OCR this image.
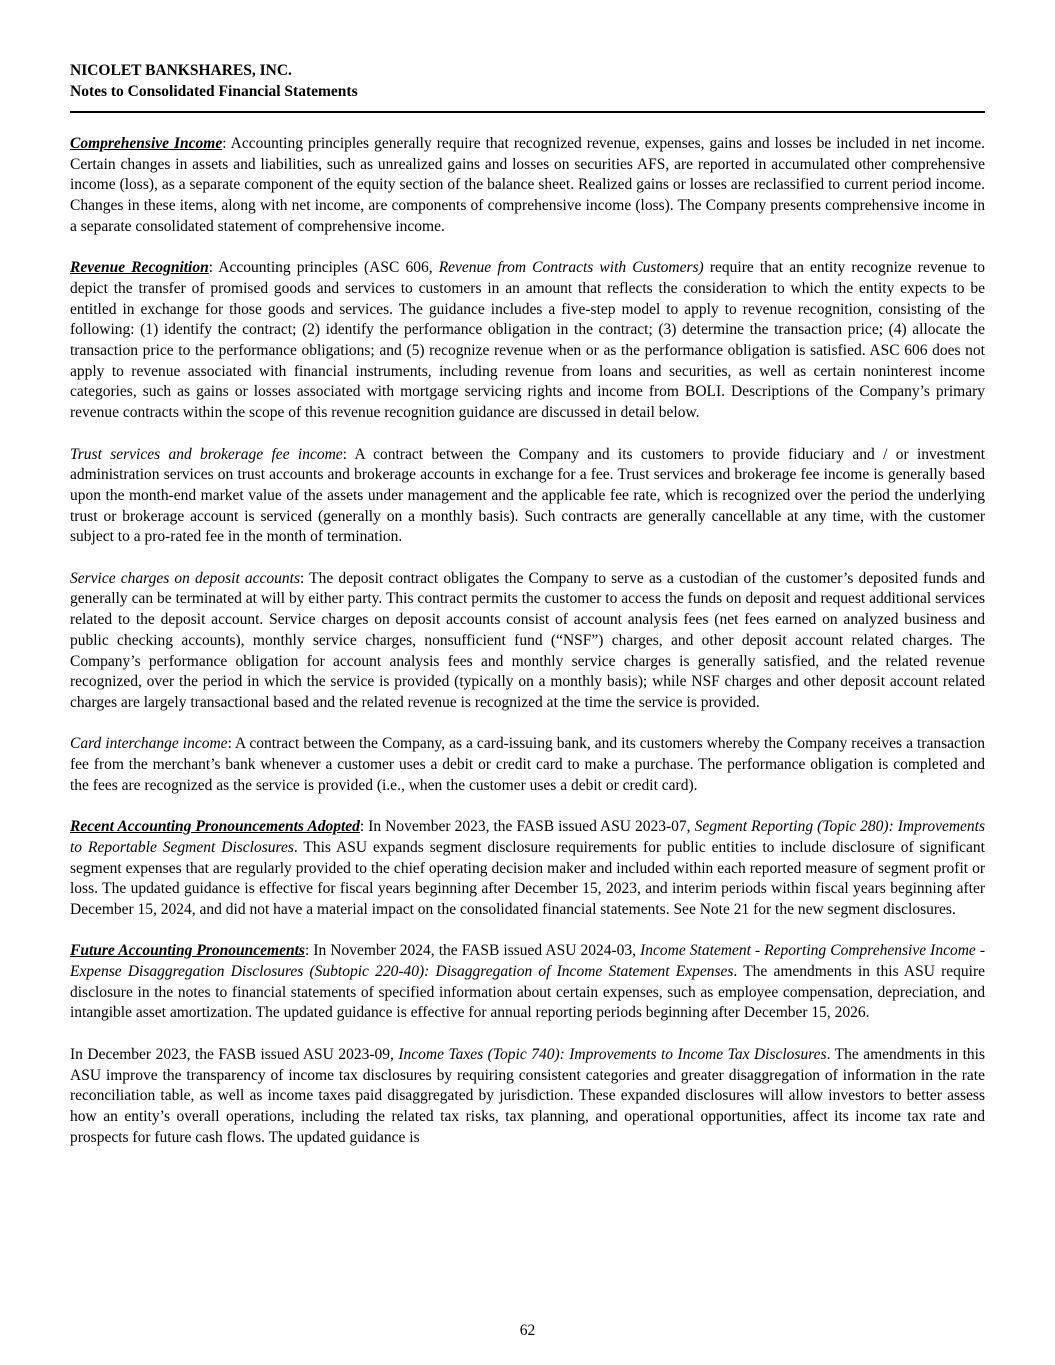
NICOLET BANKSHARES, INC.
Notes to Consolidated Financial Statements

Comprehensive Income: Accounting principles generally require that recognized revenue, expenses, gains and losses be included in net income. Certain changes in assets and liabilities, such as unrealized gains and losses on securities AFS, are reported in accumulated other comprehensive income (loss), as a separate component of the equity section of the balance sheet. Realized gains or losses are reclassified to current period income. Changes in these items, along with net income, are components of comprehensive income (loss). The Company presents comprehensive income in a separate consolidated statement of comprehensive income.

Revenue Recognition: Accounting principles (ASC 606, Revenue from Contracts with Customers) require that an entity recognize revenue to depict the transfer of promised goods and services to customers in an amount that reflects the consideration to which the entity expects to be entitled in exchange for those goods and services. The guidance includes a five-step model to apply to revenue recognition, consisting of the following: (1) identify the contract; (2) identify the performance obligation in the contract; (3) determine the transaction price; (4) allocate the transaction price to the performance obligations; and (5) recognize revenue when or as the performance obligation is satisfied. ASC 606 does not apply to revenue associated with financial instruments, including revenue from loans and securities, as well as certain noninterest income categories, such as gains or losses associated with mortgage servicing rights and income from BOLI. Descriptions of the Company’s primary revenue contracts within the scope of this revenue recognition guidance are discussed in detail below.

Trust services and brokerage fee income: A contract between the Company and its customers to provide fiduciary and / or investment administration services on trust accounts and brokerage accounts in exchange for a fee. Trust services and brokerage fee income is generally based upon the month-end market value of the assets under management and the applicable fee rate, which is recognized over the period the underlying trust or brokerage account is serviced (generally on a monthly basis). Such contracts are generally cancellable at any time, with the customer subject to a pro-rated fee in the month of termination.

Service charges on deposit accounts: The deposit contract obligates the Company to serve as a custodian of the customer’s deposited funds and generally can be terminated at will by either party. This contract permits the customer to access the funds on deposit and request additional services related to the deposit account. Service charges on deposit accounts consist of account analysis fees (net fees earned on analyzed business and public checking accounts), monthly service charges, nonsufficient fund (“NSF”) charges, and other deposit account related charges. The Company’s performance obligation for account analysis fees and monthly service charges is generally satisfied, and the related revenue recognized, over the period in which the service is provided (typically on a monthly basis); while NSF charges and other deposit account related charges are largely transactional based and the related revenue is recognized at the time the service is provided.

Card interchange income: A contract between the Company, as a card-issuing bank, and its customers whereby the Company receives a transaction fee from the merchant’s bank whenever a customer uses a debit or credit card to make a purchase. The performance obligation is completed and the fees are recognized as the service is provided (i.e., when the customer uses a debit or credit card).

Recent Accounting Pronouncements Adopted: In November 2023, the FASB issued ASU 2023-07, Segment Reporting (Topic 280): Improvements to Reportable Segment Disclosures. This ASU expands segment disclosure requirements for public entities to include disclosure of significant segment expenses that are regularly provided to the chief operating decision maker and included within each reported measure of segment profit or loss. The updated guidance is effective for fiscal years beginning after December 15, 2023, and interim periods within fiscal years beginning after December 15, 2024, and did not have a material impact on the consolidated financial statements. See Note 21 for the new segment disclosures.

Future Accounting Pronouncements: In November 2024, the FASB issued ASU 2024-03, Income Statement - Reporting Comprehensive Income - Expense Disaggregation Disclosures (Subtopic 220-40): Disaggregation of Income Statement Expenses. The amendments in this ASU require disclosure in the notes to financial statements of specified information about certain expenses, such as employee compensation, depreciation, and intangible asset amortization. The updated guidance is effective for annual reporting periods beginning after December 15, 2026.

In December 2023, the FASB issued ASU 2023-09, Income Taxes (Topic 740): Improvements to Income Tax Disclosures. The amendments in this ASU improve the transparency of income tax disclosures by requiring consistent categories and greater disaggregation of information in the rate reconciliation table, as well as income taxes paid disaggregated by jurisdiction. These expanded disclosures will allow investors to better assess how an entity’s overall operations, including the related tax risks, tax planning, and operational opportunities, affect its income tax rate and prospects for future cash flows. The updated guidance is

62
